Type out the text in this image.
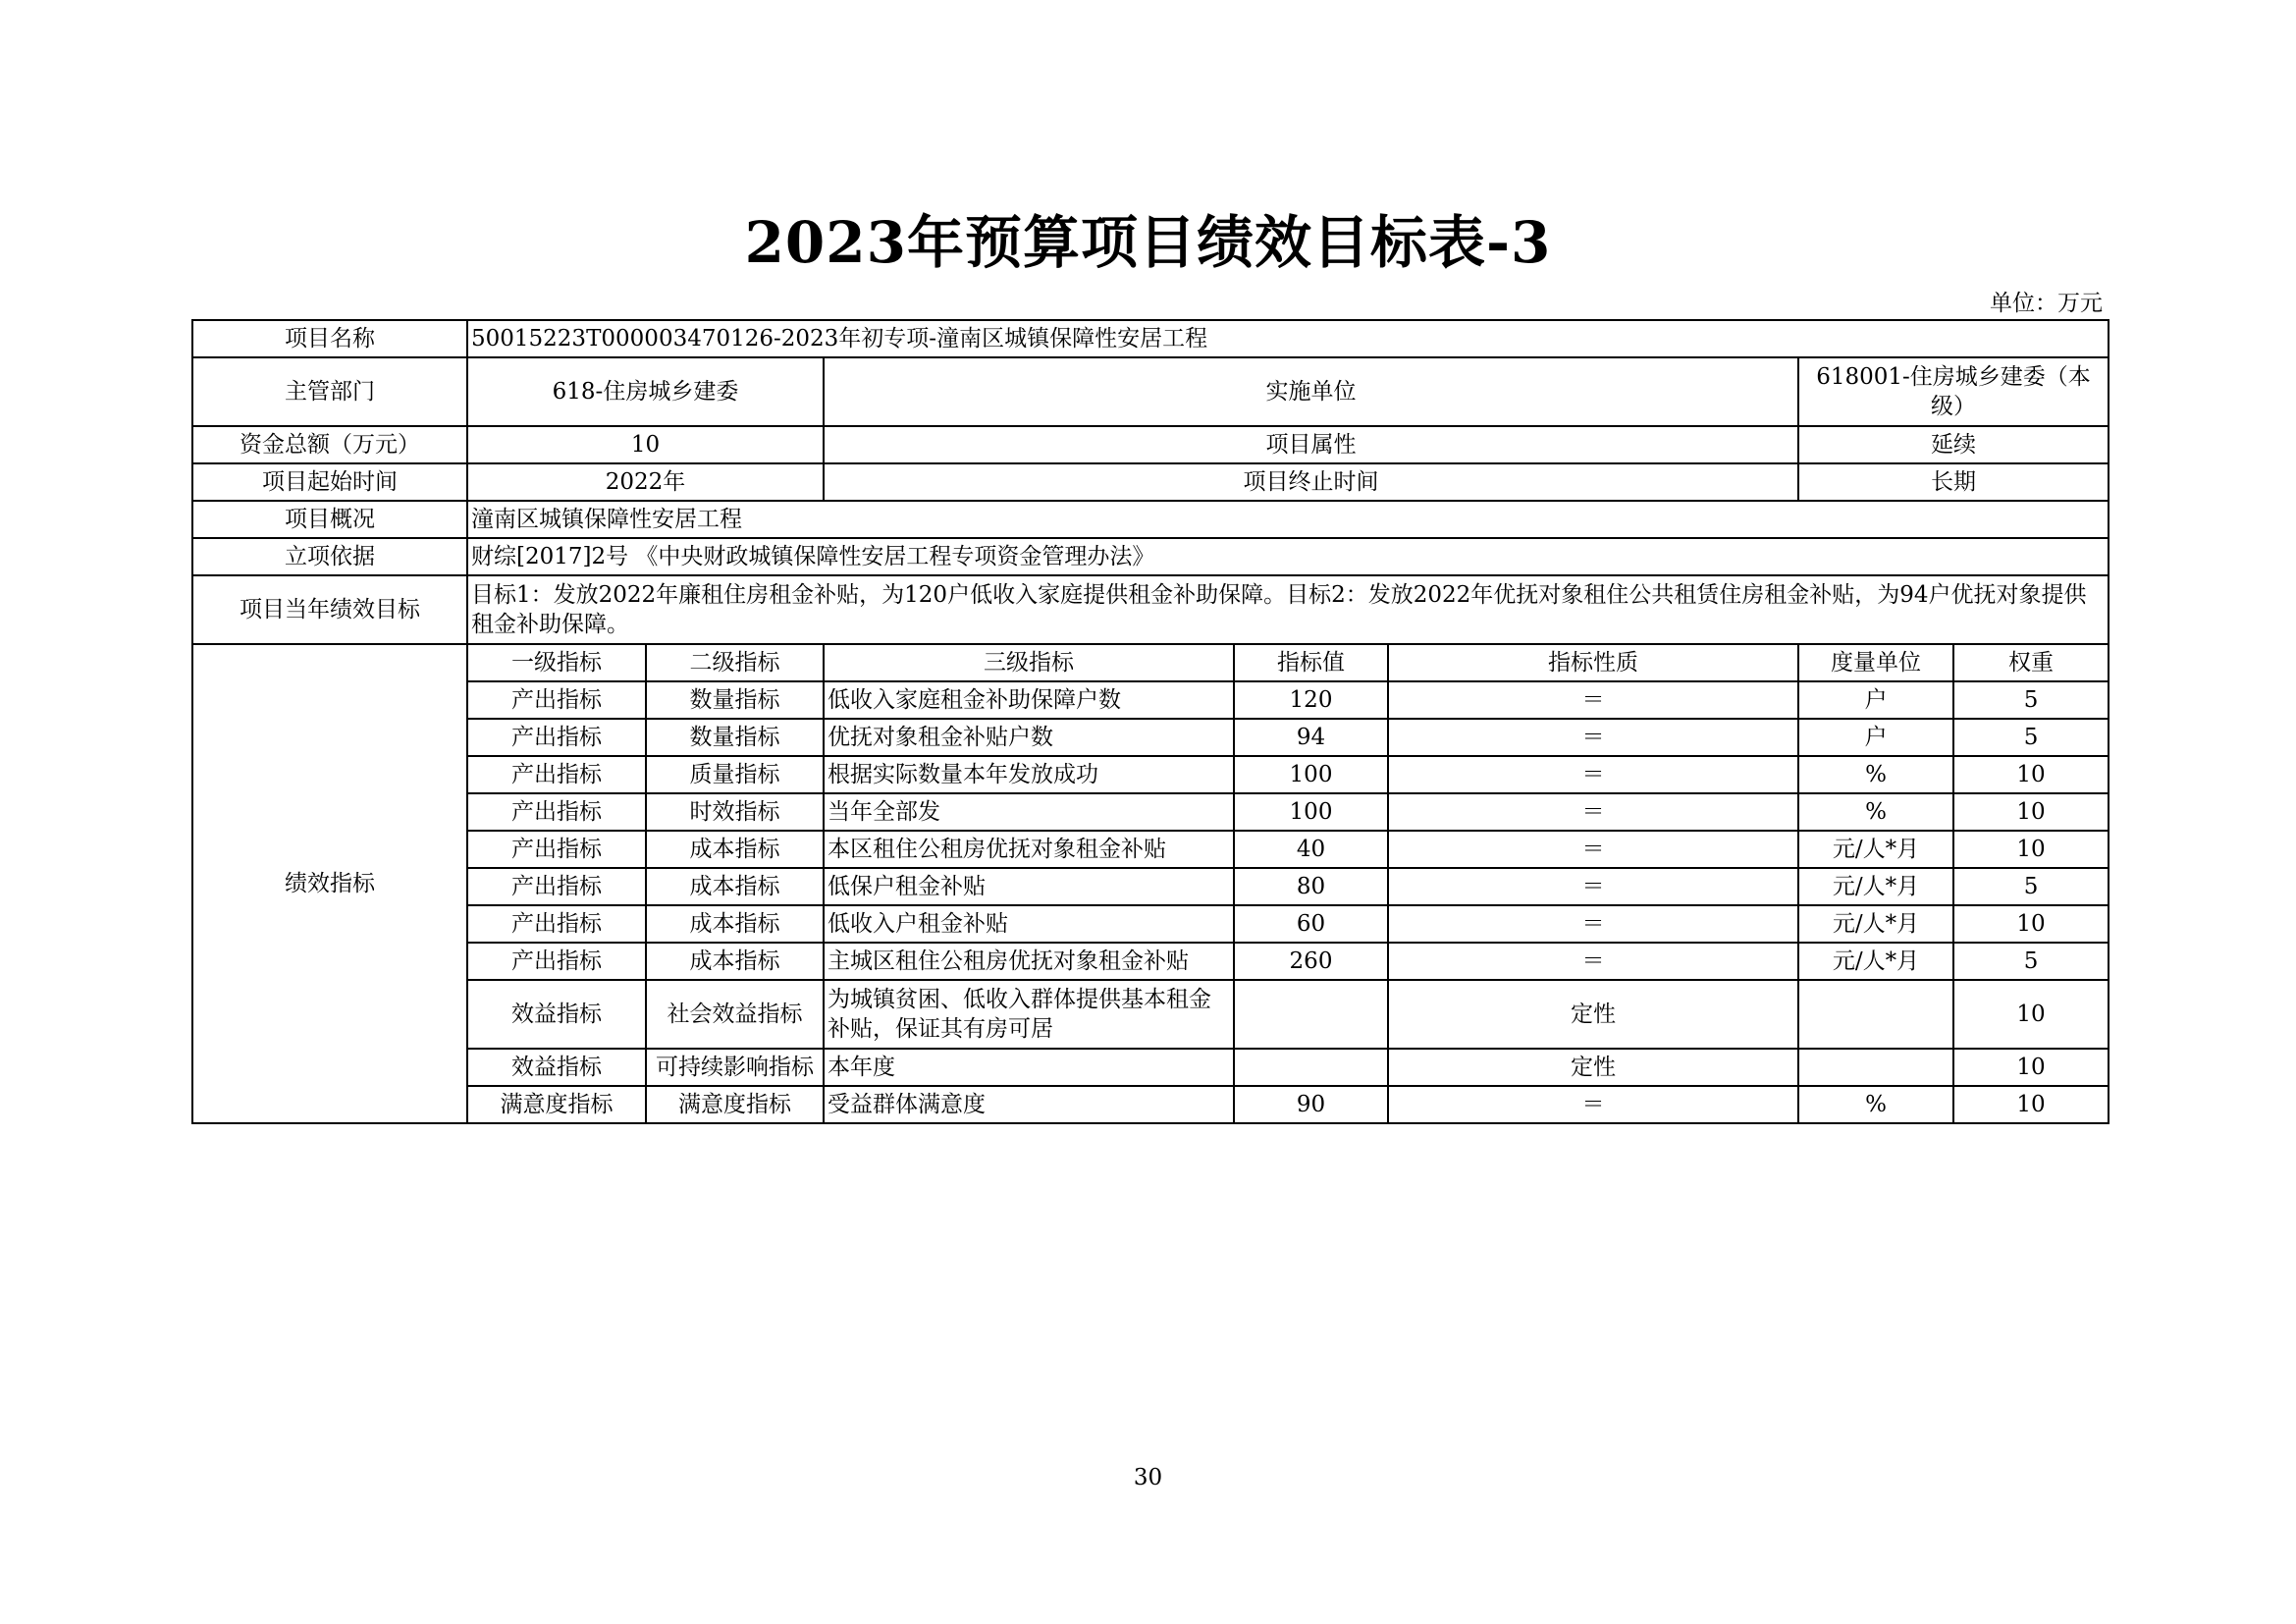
2023年预算项目绩效目标表-3
单位：万元
项目名称	50015223T000003470126-2023年初专项-潼南区城镇保障性安居工程						
主管部门	618-住房城乡建委		实施单位			618001-住房城乡建委（本级）	
资金总额（万元）	10		项目属性			延续	
项目起始时间	2022年		项目终止时间			长期	
项目概况	潼南区城镇保障性安居工程						
立项依据	财综[2017]2号 《中央财政城镇保障性安居工程专项资金管理办法》						
项目当年绩效目标	目标1：发放2022年廉租住房租金补贴，为120户低收入家庭提供租金补助保障。目标2：发放2022年优抚对象租住公共租赁住房租金补贴，为94户优抚对象提供租金补助保障。						
绩效指标	一级指标	二级指标	三级指标	指标值	指标性质	度量单位	权重
	产出指标	数量指标	低收入家庭租金补助保障户数	120	＝	户	5
	产出指标	数量指标	优抚对象租金补贴户数	94	＝	户	5
	产出指标	质量指标	根据实际数量本年发放成功	100	＝	%	10
	产出指标	时效指标	当年全部发	100	＝	%	10
	产出指标	成本指标	本区租住公租房优抚对象租金补贴	40	＝	元/人*月	10
	产出指标	成本指标	低保户租金补贴	80	＝	元/人*月	5
	产出指标	成本指标	低收入户租金补贴	60	＝	元/人*月	10
	产出指标	成本指标	主城区租住公租房优抚对象租金补贴	260	＝	元/人*月	5
	效益指标	社会效益指标	为城镇贫困、低收入群体提供基本租金补贴，保证其有房可居		定性		10
	效益指标	可持续影响指标	本年度		定性		10
	满意度指标	满意度指标	受益群体满意度	90	＝	%	10
30
